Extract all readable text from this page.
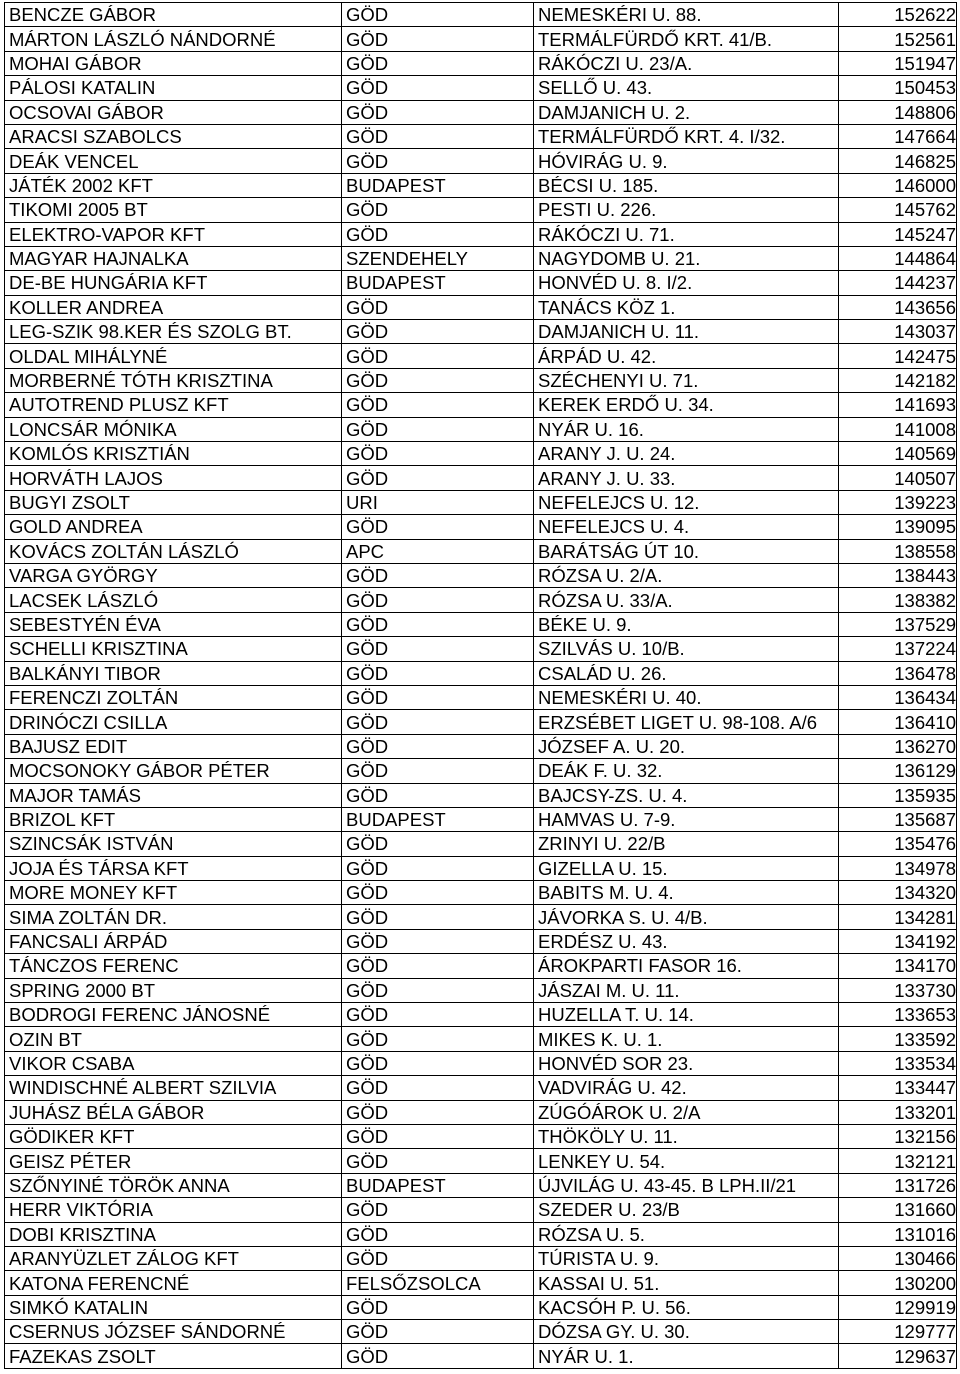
BENCZE GÁBOR	GÖD	NEMESKÉRI U. 88.	152622
MÁRTON LÁSZLÓ NÁNDORNÉ	GÖD	TERMÁLFÜRDŐ KRT. 41/B.	152561
MOHAI GÁBOR	GÖD	RÁKÓCZI U. 23/A.	151947
PÁLOSI KATALIN	GÖD	SELLŐ U. 43.	150453
OCSOVAI GÁBOR	GÖD	DAMJANICH U. 2.	148806
ARACSI SZABOLCS	GÖD	TERMÁLFÜRDŐ KRT. 4. I/32.	147664
DEÁK VENCEL	GÖD	HÓVIRÁG U. 9.	146825
JÁTÉK 2002 KFT	BUDAPEST	BÉCSI U. 185.	146000
TIKOMI 2005 BT	GÖD	PESTI U. 226.	145762
ELEKTRO-VAPOR KFT	GÖD	RÁKÓCZI U. 71.	145247
MAGYAR HAJNALKA	SZENDEHELY	NAGYDOMB U. 21.	144864
DE-BE HUNGÁRIA KFT	BUDAPEST	HONVÉD U. 8. I/2.	144237
KOLLER ANDREA	GÖD	TANÁCS KÖZ 1.	143656
LEG-SZIK 98.KER ÉS SZOLG BT.	GÖD	DAMJANICH U. 11.	143037
OLDAL MIHÁLYNÉ	GÖD	ÁRPÁD U. 42.	142475
MORBERNÉ TÓTH KRISZTINA	GÖD	SZÉCHENYI U. 71.	142182
AUTOTREND PLUSZ KFT	GÖD	KEREK ERDŐ U. 34.	141693
LONCSÁR MÓNIKA	GÖD	NYÁR U. 16.	141008
KOMLÓS KRISZTIÁN	GÖD	ARANY J. U. 24.	140569
HORVÁTH LAJOS	GÖD	ARANY J. U. 33.	140507
BUGYI ZSOLT	URI	NEFELEJCS U. 12.	139223
GOLD ANDREA	GÖD	NEFELEJCS U. 4.	139095
KOVÁCS ZOLTÁN LÁSZLÓ	APC	BARÁTSÁG ÚT 10.	138558
VARGA GYÖRGY	GÖD	RÓZSA U. 2/A.	138443
LACSEK LÁSZLÓ	GÖD	RÓZSA U. 33/A.	138382
SEBESTYÉN ÉVA	GÖD	BÉKE U. 9.	137529
SCHELLI KRISZTINA	GÖD	SZILVÁS U. 10/B.	137224
BALKÁNYI TIBOR	GÖD	CSALÁD U. 26.	136478
FERENCZI ZOLTÁN	GÖD	NEMESKÉRI U. 40.	136434
DRINÓCZI CSILLA	GÖD	ERZSÉBET LIGET U. 98-108. A/6	136410
BAJUSZ EDIT	GÖD	JÓZSEF A. U. 20.	136270
MOCSONOKY GÁBOR PÉTER	GÖD	DEÁK F. U. 32.	136129
MAJOR TAMÁS	GÖD	BAJCSY-ZS. U. 4.	135935
BRIZOL KFT	BUDAPEST	HAMVAS U. 7-9.	135687
SZINCSÁK ISTVÁN	GÖD	ZRINYI U. 22/B	135476
JOJA ÉS TÁRSA KFT	GÖD	GIZELLA U. 15.	134978
MORE MONEY KFT	GÖD	BABITS M. U. 4.	134320
SIMA ZOLTÁN DR.	GÖD	JÁVORKA S. U. 4/B.	134281
FANCSALI ÁRPÁD	GÖD	ERDÉSZ U. 43.	134192
TÁNCZOS FERENC	GÖD	ÁROKPARTI FASOR 16.	134170
SPRING 2000 BT	GÖD	JÁSZAI M. U. 11.	133730
BODROGI FERENC JÁNOSNÉ	GÖD	HUZELLA T. U. 14.	133653
OZIN BT	GÖD	MIKES K. U. 1.	133592
VIKOR CSABA	GÖD	HONVÉD SOR 23.	133534
WINDISCHNÉ ALBERT SZILVIA	GÖD	VADVIRÁG U. 42.	133447
JUHÁSZ BÉLA GÁBOR	GÖD	ZÚGÓÁROK U. 2/A	133201
GÖDIKER KFT	GÖD	THÖKÖLY U. 11.	132156
GEISZ PÉTER	GÖD	LENKEY U. 54.	132121
SZŐNYINÉ TÖRÖK ANNA	BUDAPEST	ÚJVILÁG U. 43-45. B LPH.II/21	131726
HERR VIKTÓRIA	GÖD	SZEDER U. 23/B	131660
DOBI KRISZTINA	GÖD	RÓZSA U. 5.	131016
ARANYÜZLET ZÁLOG KFT	GÖD	TÚRISTA U. 9.	130466
KATONA FERENCNÉ	FELSŐZSOLCA	KASSAI U. 51.	130200
SIMKÓ KATALIN	GÖD	KACSÓH P. U. 56.	129919
CSERNUS JÓZSEF SÁNDORNÉ	GÖD	DÓZSA GY. U. 30.	129777
FAZEKAS ZSOLT	GÖD	NYÁR U. 1.	129637
